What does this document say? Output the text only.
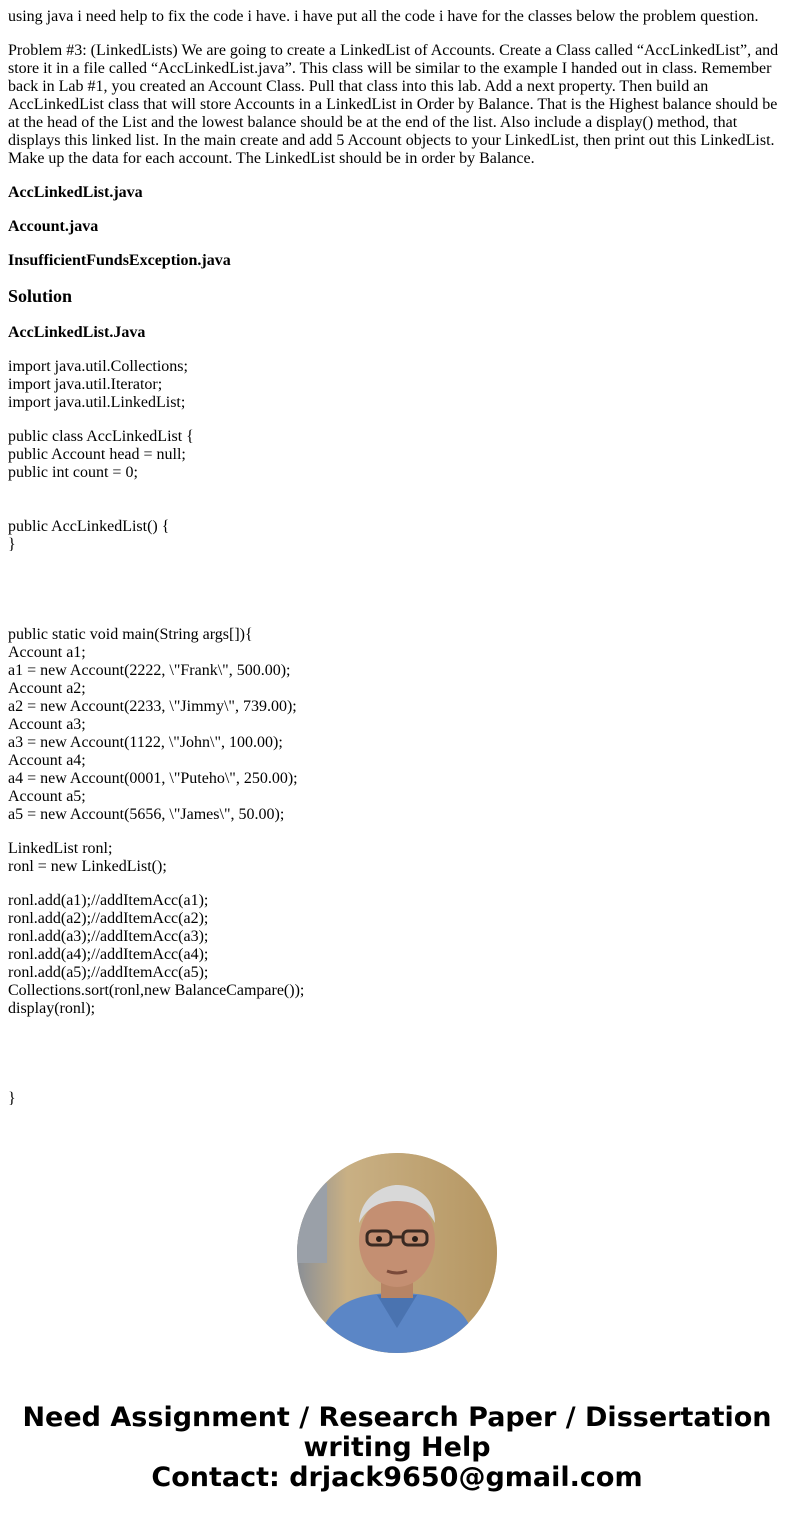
using java i need help to fix the code i have. i have put all the code i have for the classes below the problem question.

Problem #3: (LinkedLists) We are going to create a LinkedList of Accounts. Create a Class called “AccLinkedList”, and store it in a file called “AccLinkedList.java”. This class will be similar to the example I handed out in class. Remember back in Lab #1, you created an Account Class. Pull that class into this lab. Add a next property. Then build an AccLinkedList class that will store Accounts in a LinkedList in Order by Balance. That is the Highest balance should be at the head of the List and the lowest balance should be at the end of the list. Also include a display() method, that displays this linked list. In the main create and add 5 Account objects to your LinkedList, then print out this LinkedList. Make up the data for each account. The LinkedList should be in order by Balance.

AccLinkedList.java

Account.java

InsufficientFundsException.java

Solution

AccLinkedList.Java

import java.util.Collections;
import java.util.Iterator;
import java.util.LinkedList;
public class AccLinkedList {
public Account head = null;
public int count = 0;
public AccLinkedList() {
}
public static void main(String args[]){
Account a1;
a1 = new Account(2222, \"Frank\", 500.00);
Account a2;
a2 = new Account(2233, \"Jimmy\", 739.00);
Account a3;
a3 = new Account(1122, \"John\", 100.00);
Account a4;
a4 = new Account(0001, \"Puteho\", 250.00);
Account a5;
a5 = new Account(5656, \"James\", 50.00);
LinkedList ronl;
ronl = new LinkedList();
ronl.add(a1);//addItemAcc(a1);
ronl.add(a2);//addItemAcc(a2);
ronl.add(a3);//addItemAcc(a3);
ronl.add(a4);//addItemAcc(a4);
ronl.add(a5);//addItemAcc(a5);
Collections.sort(ronl,new BalanceCampare());
display(ronl);
}
Need Assignment / Research Paper / Dissertation
writing Help
Contact: drjack9650@gmail.com
